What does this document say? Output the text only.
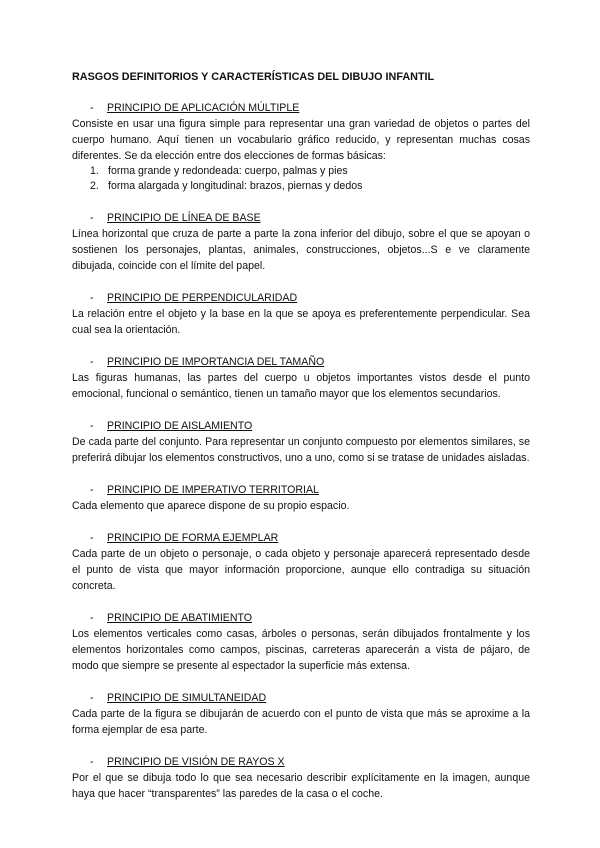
RASGOS DEFINITORIOS Y CARACTERÍSTICAS DEL DIBUJO INFANTIL
-	PRINCIPIO DE APLICACIÓN MÚLTIPLE

Consiste en usar una figura simple para representar una gran variedad de objetos o partes del cuerpo humano. Aquí tienen un vocabulario gráfico reducido, y representan muchas cosas diferentes. Se da elección entre dos elecciones de formas básicas:

1. forma grande y redondeada: cuerpo, palmas y pies
2. forma alargada y longitudinal: brazos, piernas y dedos
-	PRINCIPIO DE LÍNEA DE BASE

Línea horizontal que cruza de parte a parte la zona inferior del dibujo, sobre el que se apoyan o sostienen los personajes, plantas, animales, construcciones, objetos...S e ve claramente dibujada, coincide con el límite del papel.

-	PRINCIPIO DE PERPENDICULARIDAD

La relación entre el objeto y la base en la que se apoya es preferentemente perpendicular. Sea cual sea la orientación.

-	PRINCIPIO DE IMPORTANCIA DEL TAMAÑO

Las figuras humanas, las partes del cuerpo u objetos importantes vistos desde el punto emocional, funcional o semántico, tienen un tamaño mayor que los elementos secundarios.

-	PRINCIPIO DE AISLAMIENTO

De cada parte del conjunto. Para representar un conjunto compuesto por elementos similares, se preferirá dibujar los elementos constructivos, uno a uno, como si se tratase de unidades aisladas.

-	PRINCIPIO DE IMPERATIVO TERRITORIAL

Cada elemento que aparece dispone de su propio espacio.

-	PRINCIPIO DE FORMA EJEMPLAR

Cada parte de un objeto o personaje, o cada objeto y personaje aparecerá representado desde el punto de vista que mayor información proporcione, aunque ello contradiga su situación concreta.

-	PRINCIPIO DE ABATIMIENTO

Los elementos verticales como casas, árboles o personas, serán dibujados frontalmente y los elementos horizontales como campos, piscinas, carreteras aparecerán a vista de pájaro, de modo que siempre se presente al espectador la superficie más extensa.

-	PRINCIPIO DE SIMULTANEIDAD

Cada parte de la figura se dibujarán de acuerdo con el punto de vista que más se aproxime a la forma ejemplar de esa parte.

-	PRINCIPIO DE VISIÓN DE RAYOS X

Por el que se dibuja todo lo que sea necesario describir explícitamente en la imagen, aunque haya que hacer “transparentes” las paredes de la casa o el coche.
